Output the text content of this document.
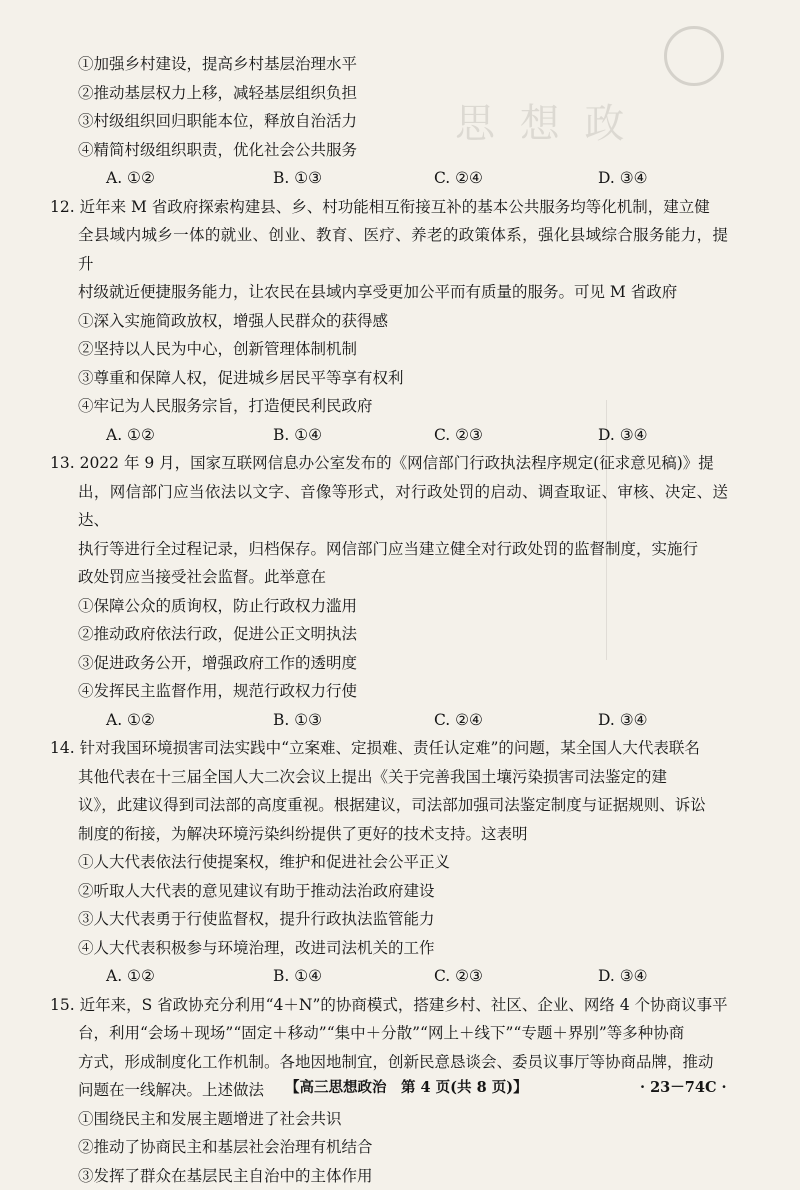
思 想 政
①加强乡村建设，提高乡村基层治理水平
②推动基层权力上移，减轻基层组织负担
③村级组织回归职能本位，释放自治活力
④精简村级组织职责，优化社会公共服务
A. ①②	B. ①③	C. ②④	D. ③④
12. 近年来 M 省政府探索构建县、乡、村功能相互衔接互补的基本公共服务均等化机制，建立健
全县域内城乡一体的就业、创业、教育、医疗、养老的政策体系，强化县域综合服务能力，提升
村级就近便捷服务能力，让农民在县域内享受更加公平而有质量的服务。可见 M 省政府
①深入实施简政放权，增强人民群众的获得感
②坚持以人民为中心，创新管理体制机制
③尊重和保障人权，促进城乡居民平等享有权利
④牢记为人民服务宗旨，打造便民利民政府
A. ①②	B. ①④	C. ②③	D. ③④
13. 2022 年 9 月，国家互联网信息办公室发布的《网信部门行政执法程序规定(征求意见稿)》提
出，网信部门应当依法以文字、音像等形式，对行政处罚的启动、调查取证、审核、决定、送达、
执行等进行全过程记录，归档保存。网信部门应当建立健全对行政处罚的监督制度，实施行
政处罚应当接受社会监督。此举意在
①保障公众的质询权，防止行政权力滥用
②推动政府依法行政，促进公正文明执法
③促进政务公开，增强政府工作的透明度
④发挥民主监督作用，规范行政权力行使
A. ①②	B. ①③	C. ②④	D. ③④
14. 针对我国环境损害司法实践中“立案难、定损难、责任认定难”的问题，某全国人大代表联名
其他代表在十三届全国人大二次会议上提出《关于完善我国土壤污染损害司法鉴定的建
议》，此建议得到司法部的高度重视。根据建议，司法部加强司法鉴定制度与证据规则、诉讼
制度的衔接，为解决环境污染纠纷提供了更好的技术支持。这表明
①人大代表依法行使提案权，维护和促进社会公平正义
②听取人大代表的意见建议有助于推动法治政府建设
③人大代表勇于行使监督权，提升行政执法监管能力
④人大代表积极参与环境治理，改进司法机关的工作
A. ①②	B. ①④	C. ②③	D. ③④
15. 近年来，S 省政协充分利用“4＋N”的协商模式，搭建乡村、社区、企业、网络 4 个协商议事平
台，利用“会场＋现场”“固定＋移动”“集中＋分散”“网上＋线下”“专题＋界别”等多种协商
方式，形成制度化工作机制。各地因地制宜，创新民意恳谈会、委员议事厅等协商品牌，推动
问题在一线解决。上述做法
①围绕民主和发展主题增进了社会共识
②推动了协商民主和基层社会治理有机结合
③发挥了群众在基层民主自治中的主体作用
【高三思想政治　第 4 页(共 8 页)】	· 23－74C ·
